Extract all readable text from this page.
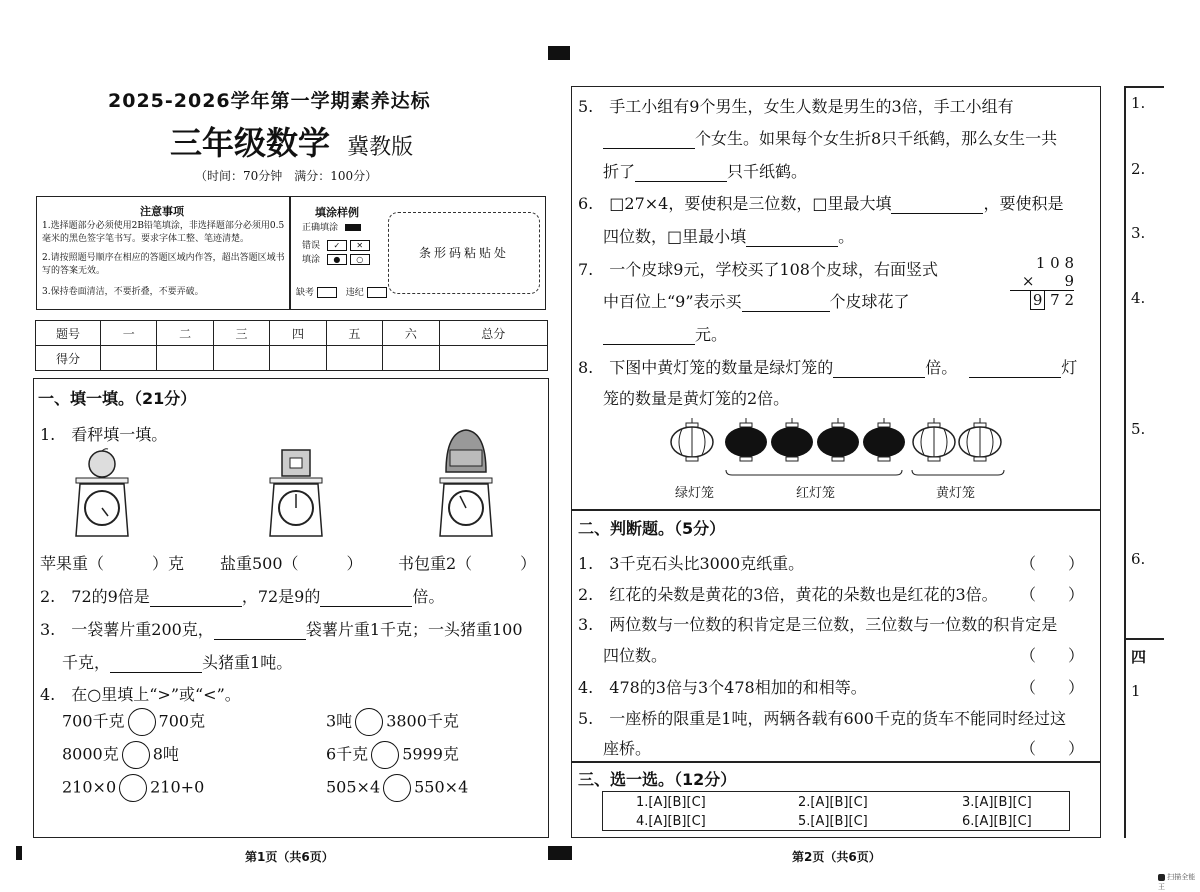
2025-2026学年第一学期素养达标
三年级数学 冀教版
（时间：70分钟　满分：100分）
注意事项
1.选择题部分必须使用2B铅笔填涂，非选择题部分必须用0.5毫米的黑色签字笔书写。要求字体工整、笔迹清楚。
2.请按照题号顺序在相应的答题区域内作答，超出答题区域书写的答案无效。
3.保持卷面清洁，不要折叠，不要弄破。
填涂样例
正确填涂
错误 ✓ ✕
填涂 ● ○
缺考	违纪
条形码粘贴处
题号	一	二	三	四	五	六	总分
得分							
一、填一填。（21分）
1.　看秤填一填。
苹果重（　　　）克 盐重500（　　　） 书包重2（　　　）
2.　72的9倍是	，72是9的	倍。
3.　一袋薯片重200克，	袋薯片重1千克；一头猪重100
千克，	头猪重1吨。
4.　在○里填上“>”或“<”。
700千克 700克	3吨 3800千克
8000克 8吨	6千克 5999克
210×0 210+0	505×4 550×4
第1页（共6页）
5.　手工小组有9个男生，女生人数是男生的3倍，手工小组有
个女生。如果每个女生折8只千纸鹤，那么女生一共
折了	只千纸鹤。
6.　□27×4，要使积是三位数，□里最大填	，要使积是
四位数，□里最小填	。
7.　一个皮球9元，学校买了108个皮球，右面竖式
中百位上“9”表示买	个皮球花了
元。
1 0 8
×　　9
9 7 2
8.　下图中黄灯笼的数量是绿灯笼的	倍。	灯
笼的数量是黄灯笼的2倍。
绿灯笼	红灯笼	黄灯笼
二、判断题。（5分）
1.　3千克石头比3000克纸重。	（　　）
2.　红花的朵数是黄花的3倍，黄花的朵数也是红花的3倍。 （　　）
3.　两位数与一位数的积肯定是三位数，三位数与一位数的积肯定是
四位数。	（　　）
4.　478的3倍与3个478相加的和相等。	（　　）
5.　一座桥的限重是1吨，两辆各载有600千克的货车不能同时经过这
座桥。	（　　）
三、选一选。（12分）
1.[A][B][C]	2.[A][B][C]	3.[A][B][C]
4.[A][B][C]	5.[A][B][C]	6.[A][B][C]
第2页（共6页）
1.
2.
3.
4.
5.
6.
四
1
扫描全能王
